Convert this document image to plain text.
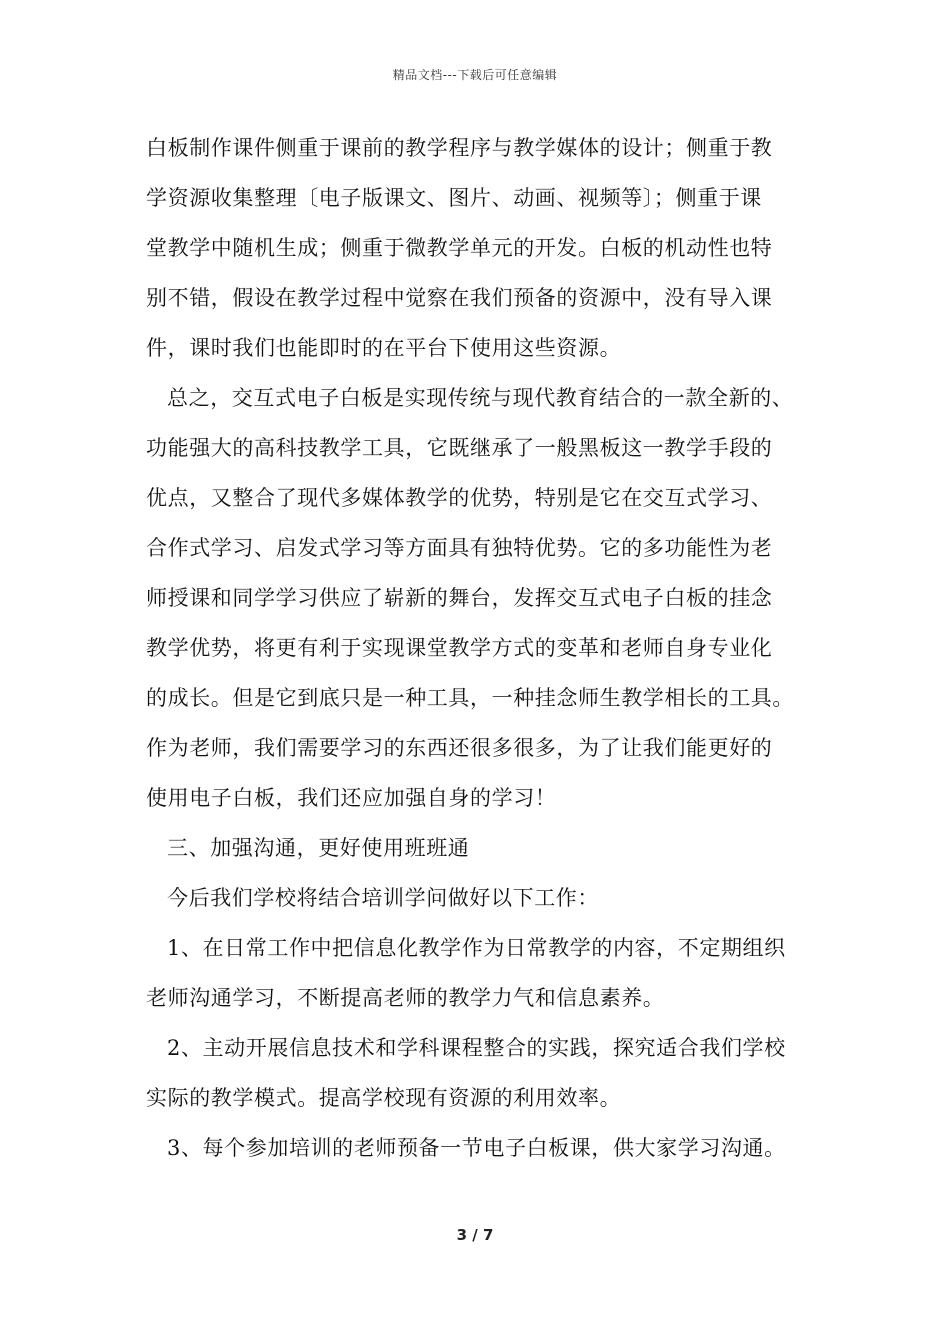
精品文档---下载后可任意编辑
白板制作课件侧重于课前的教学程序与教学媒体的设计；侧重于教
学资源收集整理〔电子版课文、图片、动画、视频等〕；侧重于课
堂教学中随机生成；侧重于微教学单元的开发。白板的机动性也特
别不错，假设在教学过程中觉察在我们预备的资源中，没有导入课
件，课时我们也能即时的在平台下使用这些资源。
总之，交互式电子白板是实现传统与现代教育结合的一款全新的、
功能强大的高科技教学工具，它既继承了一般黑板这一教学手段的
优点，又整合了现代多媒体教学的优势，特别是它在交互式学习、
合作式学习、启发式学习等方面具有独特优势。它的多功能性为老
师授课和同学学习供应了崭新的舞台，发挥交互式电子白板的挂念
教学优势，将更有利于实现课堂教学方式的变革和老师自身专业化
的成长。但是它到底只是一种工具，一种挂念师生教学相长的工具。
作为老师，我们需要学习的东西还很多很多，为了让我们能更好的
使用电子白板，我们还应加强自身的学习！
三、加强沟通，更好使用班班通
今后我们学校将结合培训学问做好以下工作：
1、在日常工作中把信息化教学作为日常教学的内容，不定期组织
老师沟通学习，不断提高老师的教学力气和信息素养。
2、主动开展信息技术和学科课程整合的实践，探究适合我们学校
实际的教学模式。提高学校现有资源的利用效率。
3、每个参加培训的老师预备一节电子白板课，供大家学习沟通。
3 / 7
